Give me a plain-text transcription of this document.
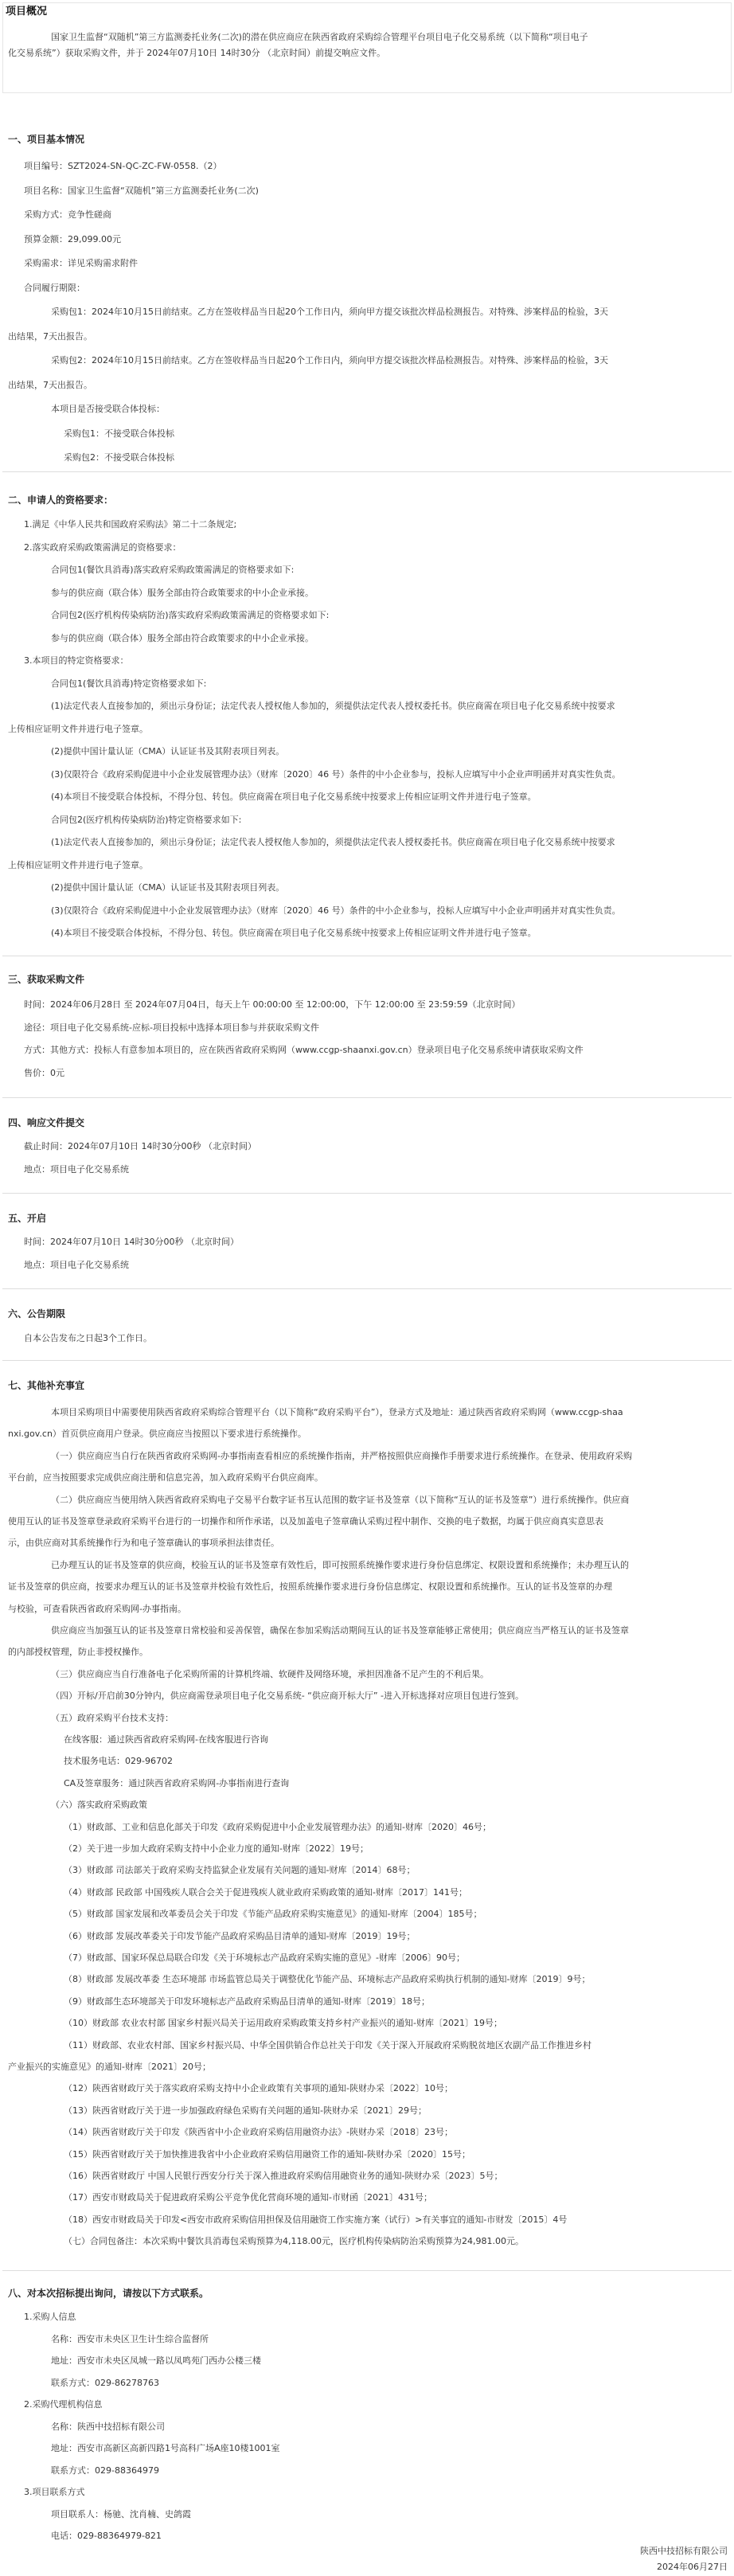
项目概况
国家卫生监督“双随机”第三方监测委托业务(二次)的潜在供应商应在陕西省政府采购综合管理平台项目电子化交易系统（以下简称“项目电子
化交易系统”）获取采购文件，并于 2024年07月10日 14时30分 （北京时间）前提交响应文件。
一、项目基本情况
项目编号：SZT2024-SN-QC-ZC-FW-0558.（2）
项目名称：国家卫生监督“双随机”第三方监测委托业务(二次)
采购方式：竞争性磋商
预算金额：29,099.00元
采购需求：详见采购需求附件
合同履行期限：
采购包1：2024年10月15日前结束。乙方在签收样品当日起20个工作日内，须向甲方提交该批次样品检测报告。对特殊、涉案样品的检验，3天
出结果，7天出报告。
采购包2：2024年10月15日前结束。乙方在签收样品当日起20个工作日内，须向甲方提交该批次样品检测报告。对特殊、涉案样品的检验，3天
出结果，7天出报告。
本项目是否接受联合体投标：
采购包1：不接受联合体投标
采购包2：不接受联合体投标
二、申请人的资格要求：
1.满足《中华人民共和国政府采购法》第二十二条规定;
2.落实政府采购政策需满足的资格要求：
合同包1(餐饮具消毒)落实政府采购政策需满足的资格要求如下:
参与的供应商（联合体）服务全部由符合政策要求的中小企业承接。
合同包2(医疗机构传染病防治)落实政府采购政策需满足的资格要求如下:
参与的供应商（联合体）服务全部由符合政策要求的中小企业承接。
3.本项目的特定资格要求：
合同包1(餐饮具消毒)特定资格要求如下:
(1)法定代表人直接参加的，须出示身份证；法定代表人授权他人参加的，须提供法定代表人授权委托书。供应商需在项目电子化交易系统中按要求
上传相应证明文件并进行电子签章。
(2)提供中国计量认证（CMA）认证证书及其附表项目列表。
(3)仅限符合《政府采购促进中小企业发展管理办法》（财库〔2020〕46 号）条件的中小企业参与，投标人应填写中小企业声明函并对真实性负责。
(4)本项目不接受联合体投标，不得分包、转包。供应商需在项目电子化交易系统中按要求上传相应证明文件并进行电子签章。
合同包2(医疗机构传染病防治)特定资格要求如下:
(1)法定代表人直接参加的，须出示身份证；法定代表人授权他人参加的，须提供法定代表人授权委托书。供应商需在项目电子化交易系统中按要求
上传相应证明文件并进行电子签章。
(2)提供中国计量认证（CMA）认证证书及其附表项目列表。
(3)仅限符合《政府采购促进中小企业发展管理办法》（财库〔2020〕46 号）条件的中小企业参与，投标人应填写中小企业声明函并对真实性负责。
(4)本项目不接受联合体投标，不得分包、转包。供应商需在项目电子化交易系统中按要求上传相应证明文件并进行电子签章。
三、获取采购文件
时间：2024年06月28日 至 2024年07月04日，每天上午 00:00:00 至 12:00:00，下午 12:00:00 至 23:59:59（北京时间）
途径：项目电子化交易系统-应标-项目投标中选择本项目参与并获取采购文件
方式：其他方式：投标人有意参加本项目的，应在陕西省政府采购网（www.ccgp-shaanxi.gov.cn）登录项目电子化交易系统申请获取采购文件
售价：0元
四、响应文件提交
截止时间：2024年07月10日 14时30分00秒 （北京时间）
地点：项目电子化交易系统
五、开启
时间：2024年07月10日 14时30分00秒 （北京时间）
地点：项目电子化交易系统
六、公告期限
自本公告发布之日起3个工作日。
七、其他补充事宜
本项目采购项目中需要使用陕西省政府采购综合管理平台（以下简称“政府采购平台”），登录方式及地址：通过陕西省政府采购网（www.ccgp-shaa
nxi.gov.cn）首页供应商用户登录。供应商应当按照以下要求进行系统操作。
（一）供应商应当自行在陕西省政府采购网-办事指南查看相应的系统操作指南，并严格按照供应商操作手册要求进行系统操作。在登录、使用政府采购
平台前，应当按照要求完成供应商注册和信息完善，加入政府采购平台供应商库。
（二）供应商应当使用纳入陕西省政府采购电子交易平台数字证书互认范围的数字证书及签章（以下简称“互认的证书及签章”）进行系统操作。供应商
使用互认的证书及签章登录政府采购平台进行的一切操作和所作承诺，以及加盖电子签章确认采购过程中制作、交换的电子数据，均属于供应商真实意思表
示，由供应商对其系统操作行为和电子签章确认的事项承担法律责任。
已办理互认的证书及签章的供应商，校验互认的证书及签章有效性后，即可按照系统操作要求进行身份信息绑定、权限设置和系统操作；未办理互认的
证书及签章的供应商，按要求办理互认的证书及签章并校验有效性后，按照系统操作要求进行身份信息绑定、权限设置和系统操作。互认的证书及签章的办理
与校验，可查看陕西省政府采购网-办事指南。
供应商应当加强互认的证书及签章日常校验和妥善保管，确保在参加采购活动期间互认的证书及签章能够正常使用；供应商应当严格互认的证书及签章
的内部授权管理，防止非授权操作。
（三）供应商应当自行准备电子化采购所需的计算机终端、软硬件及网络环境，承担因准备不足产生的不利后果。
（四）开标/开启前30分钟内，供应商需登录项目电子化交易系统- “供应商开标大厅” -进入开标选择对应项目包进行签到。
（五）政府采购平台技术支持：
在线客服：通过陕西省政府采购网-在线客服进行咨询
技术服务电话：029-96702
CA及签章服务：通过陕西省政府采购网-办事指南进行查询
（六）落实政府采购政策
（1）财政部、工业和信息化部关于印发《政府采购促进中小企业发展管理办法》的通知-财库〔2020〕46号；
（2）关于进一步加大政府采购支持中小企业力度的通知-财库〔2022〕19号；
（3）财政部 司法部关于政府采购支持监狱企业发展有关问题的通知-财库〔2014〕68号；
（4）财政部 民政部 中国残疾人联合会关于促进残疾人就业政府采购政策的通知-财库〔2017〕141号；
（5）财政部 国家发展和改革委员会关于印发《节能产品政府采购实施意见》的通知-财库〔2004〕185号；
（6）财政部 发展改革委关于印发节能产品政府采购品目清单的通知-财库〔2019〕19号；
（7）财政部、国家环保总局联合印发《关于环境标志产品政府采购实施的意见》-财库〔2006〕90号；
（8）财政部 发展改革委 生态环境部 市场监管总局关于调整优化节能产品、环境标志产品政府采购执行机制的通知-财库〔2019〕9号；
（9）财政部生态环境部关于印发环境标志产品政府采购品目清单的通知-财库〔2019〕18号；
（10）财政部 农业农村部 国家乡村振兴局关于运用政府采购政策支持乡村产业振兴的通知-财库〔2021〕19号；
（11）财政部、农业农村部、国家乡村振兴局、中华全国供销合作总社关于印发《关于深入开展政府采购脱贫地区农副产品工作推进乡村
产业振兴的实施意见》的通知-财库〔2021〕20号；
（12）陕西省财政厅关于落实政府采购支持中小企业政策有关事项的通知-陕财办采〔2022〕10号；
（13）陕西省财政厅关于进一步加强政府绿色采购有关问题的通知-陕财办采〔2021〕29号；
（14）陕西省财政厅关于印发《陕西省中小企业政府采购信用融资办法》-陕财办采〔2018〕23号；
（15）陕西省财政厅关于加快推进我省中小企业政府采购信用融资工作的通知-陕财办采〔2020〕15号；
（16）陕西省财政厅 中国人民银行西安分行关于深入推进政府采购信用融资业务的通知-陕财办采〔2023〕5号；
（17）西安市财政局关于促进政府采购公平竞争优化营商环境的通知-市财函〔2021〕431号；
（18）西安市财政局关于印发<西安市政府采购信用担保及信用融资工作实施方案（试行）>有关事宜的通知-市财发〔2015〕4号
（七）合同包备注：本次采购中餐饮具消毒包采购预算为4,118.00元，医疗机构传染病防治采购预算为24,981.00元。
八、对本次招标提出询问，请按以下方式联系。
1.采购人信息
名称：西安市未央区卫生计生综合监督所
地址：西安市未央区凤城一路以凤鸣苑门西办公楼三楼
联系方式：029-86278763
2.采购代理机构信息
名称：陕西中技招标有限公司
地址：西安市高新区高新四路1号高科广场A座10楼1001室
联系方式：029-88364979
3.项目联系方式
项目联系人：杨驰、沈肖楠、史鸽霞
电话：029-88364979-821
陕西中技招标有限公司
2024年06月27日
